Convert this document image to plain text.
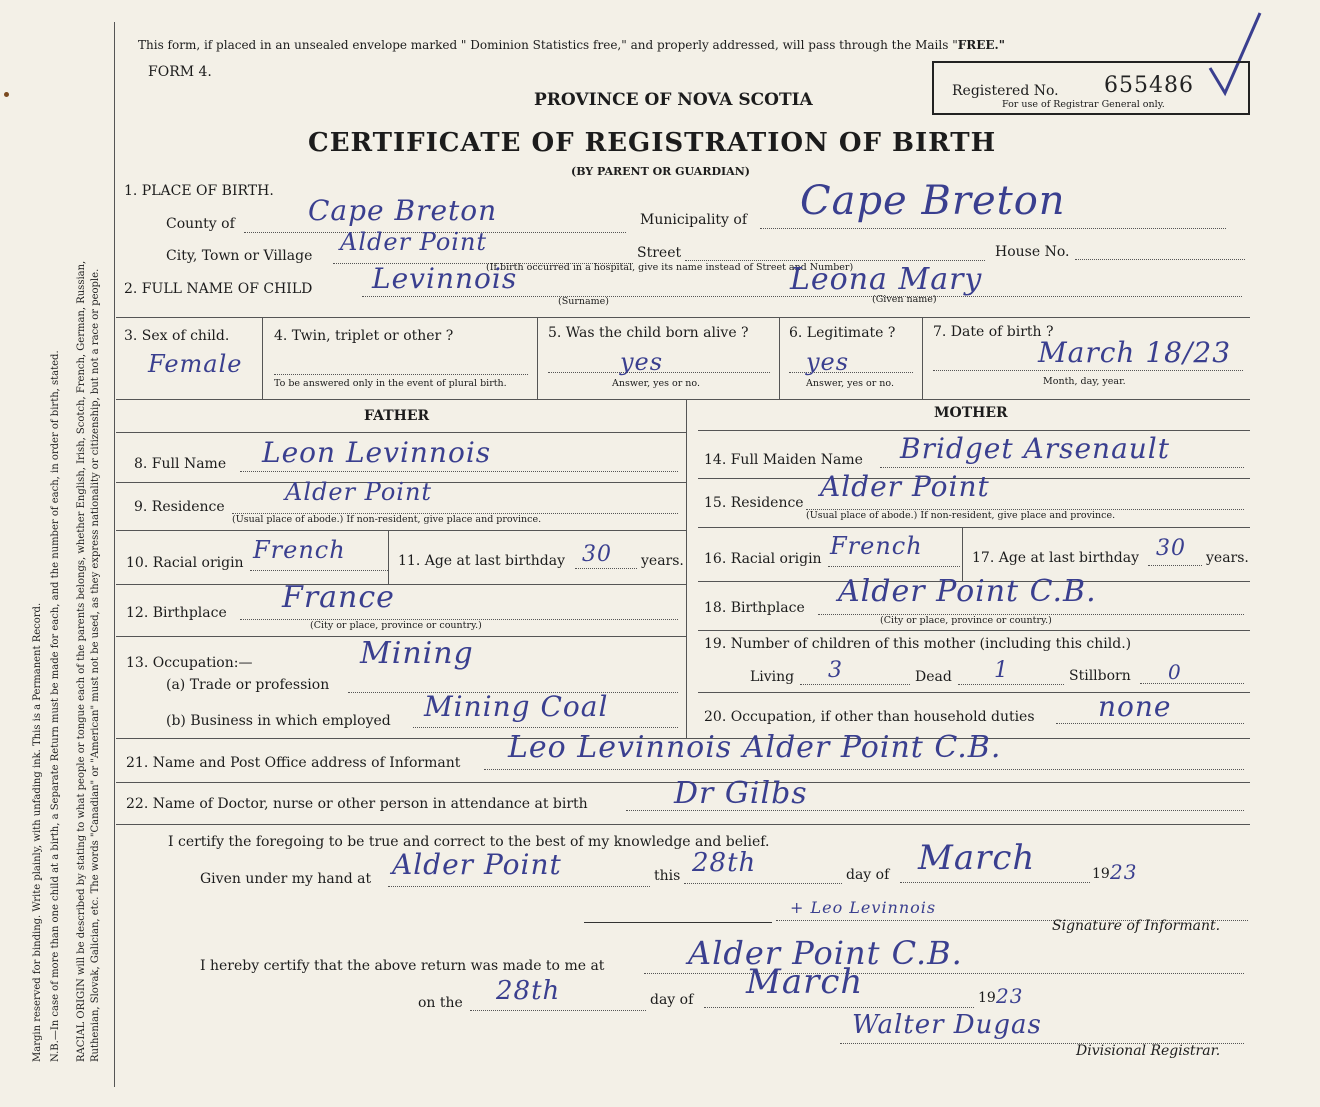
Margin reserved for binding. Write plainly, with unfading ink. This is a Permanent Record. N.B.—In case of more than one child at a birth, a Separate Return must be made for each, and the number of each, in order of birth, stated. RACIAL ORIGIN will be described by stating to what people or tongue each of the parents belongs, whether English, Irish, Scotch, French, German, Russian, Ruthenian, Slovak, Galician, etc. The words "Canadian" or "American" must not be used, as they express nationality or citizenship, but not a race or people.
This form, if placed in an unsealed envelope marked " Dominion Statistics free," and properly addressed, will pass through the Mails "FREE."
FORM 4.
PROVINCE OF NOVA SCOTIA
CERTIFICATE OF REGISTRATION OF BIRTH
(BY PARENT OR GUARDIAN)
Registered No. 655486
For use of Registrar General only.
1. PLACE OF BIRTH.
County of	Cape Breton	Municipality of Cape Breton
City, Town or Village Alder Point	Street	House No.
(If birth occurred in a hospital, give its name instead of Street and Number)
2. FULL NAME OF CHILD Levinnois
(Surname)
Leona Mary
(Given name)
3. Sex of child.
Female
4. Twin, triplet or other ?
To be answered only in the event of plural birth.
5. Was the child born alive ?
yes
Answer, yes or no.
6. Legitimate ?
yes
Answer, yes or no.
7. Date of birth ?
March 18/23
Month, day, year.
FATHER	MOTHER
8. Full Name Leon Levinnois
9. Residence
Alder Point
(Usual place of abode.) If non-resident, give place and province.
10. Racial origin French	11. Age at last birthday 30 years.
12. Birthplace France
(City or place, province or country.)
13. Occupation:—	Mining
(a) Trade or profession
(b) Business in which employed Mining Coal
14. Full Maiden Name Bridget Arsenault
15. Residence Alder Point
(Usual place of abode.) If non-resident, give place and province.
16. Racial origin French	17. Age at last birthday 30 years.
18. Birthplace Alder Point C.B.
(City or place, province or country.)
19. Number of children of this mother (including this child.)
Living 3	Dead 1	Stillborn 0
20. Occupation, if other than household duties none
21. Name and Post Office address of Informant Leo Levinnois Alder Point C.B.
22. Name of Doctor, nurse or other person in attendance at birth	Dr Gilbs
I certify the foregoing to be true and correct to the best of my knowledge and belief.
Given under my hand at Alder Point	this 28th	day of March	19 23
+ Leo Levinnois
Signature of Informant.
I hereby certify that the above return was made to me at	Alder Point C.B.
on the 28th	day of March	19 23
Walter Dugas
Divisional Registrar.
